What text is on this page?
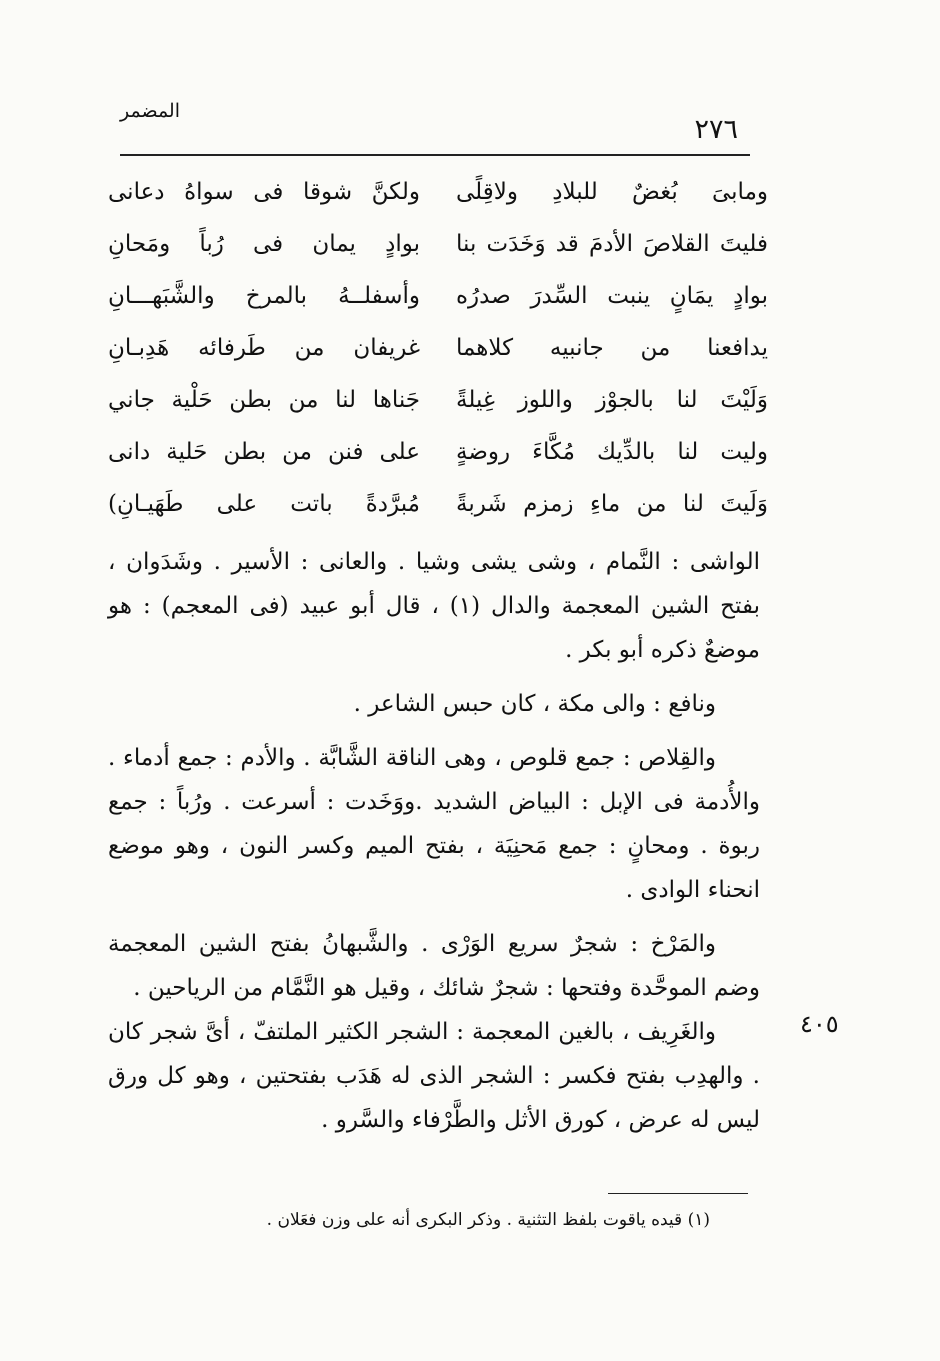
المضمر
٢٧٦
ومابىَ بُغضٌ للبلادِ ولاقِلًى
ولكنَّ شوقا فى سواهُ دعانى
فليتَ القلاصَ الأدمَ قد وَخَدَت بنا
بوادٍ يمان فى رُباً ومَحانِ
بوادٍ يمَانٍ ينبت السِّدرَ صدرُه
وأسفلــهُ بالمرخ والشَّبَهـــانِ
يدافعنا من جانبيه كلاهما
غريفان من طَرفائه هَدِبـانِ
وَلَيْتَ لنا بالجوْز واللوز غِيلةً
جَناها لنا من بطن حَلْية جاني
وليت لنا بالدِّيك مُكَّاءَ روضةٍ
على فنن من بطن حَلية دانى
وَلَيتَ لنا من ماءِ زمزم شَربةً
مُبرَّدةً باتت على طَهَيـانِ)

الواشى : النَّمام ، وشى يشى وشيا . والعانى : الأسير . وشَدَوان ، بفتح الشين المعجمة والدال (١) ، قال أبو عبيد (فى المعجم) : هو موضعٌ ذكره أبو بكر .

ونافع : والى مكة ، كان حبس الشاعر .

والقِلاص : جمع قلوص ، وهى الناقة الشَّابَّة . والأدم : جمع أدماء . والأُدمة فى الإبل : البياض الشديد .ووَخَدت : أسرعت . ورُباً : جمع ربوة . ومحانٍ : جمع مَحنِيَة ، بفتح الميم وكسر النون ، وهو موضع انحناء الوادى .

والمَرْخ : شجرٌ سريع الوَرْى . والشَّبهانُ بفتح الشين المعجمة وضم الموحَّدة وفتحها : شجرٌ شائك ، وقيل هو النَّمَّام من الرياحين .

والغَرِيف ، بالغين المعجمة : الشجر الكثير الملتفّ ، أىَّ شجر كان . والهدِب بفتح فكسر : الشجر الذى له هَدَب بفتحتين ، وهو كل ورق ليس له عرض ، كورق الأثل والطَّرْفاء والسَّرو .

٤٠٥
(١) قيده ياقوت بلفظ التثنية . وذكر البكرى أنه على وزن فعَلان .
